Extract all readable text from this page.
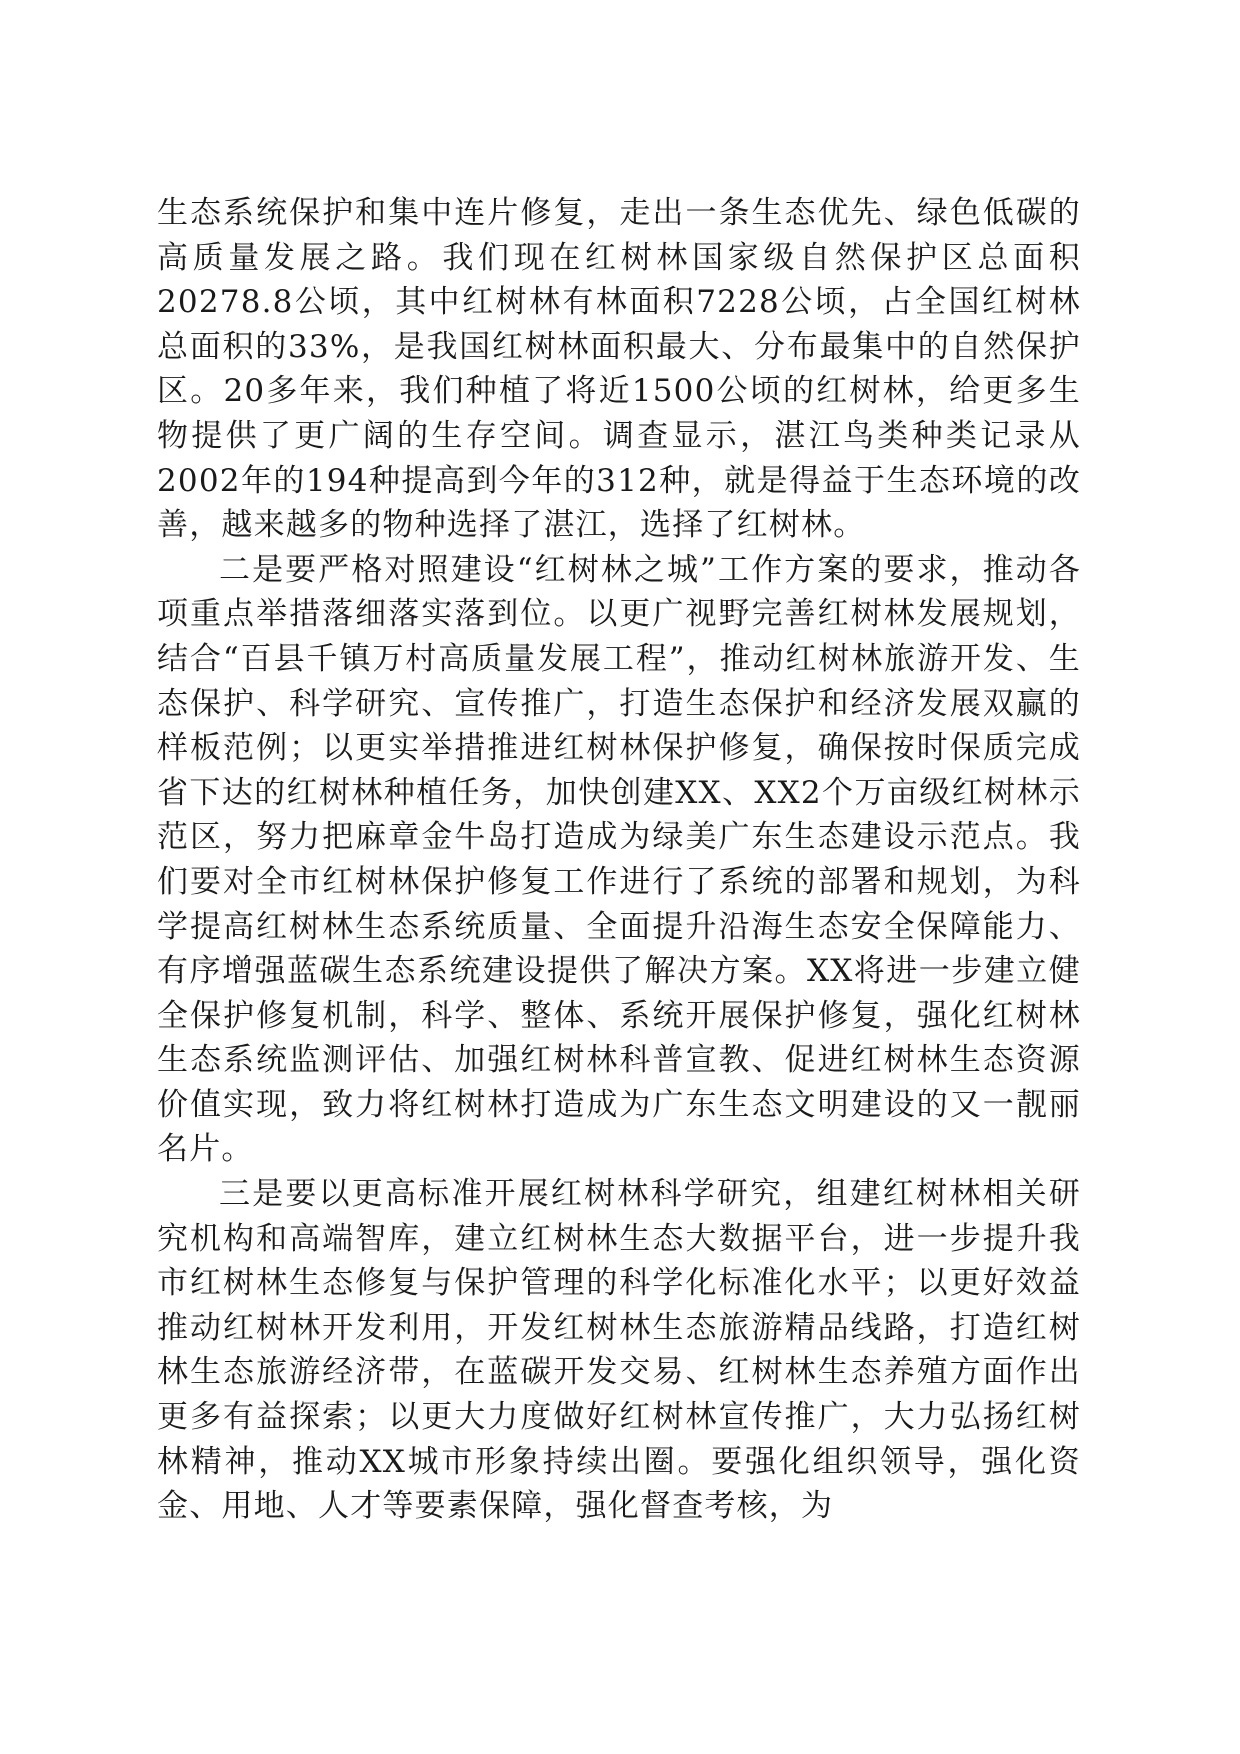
生态系统保护和集中连片修复，走出一条生态优先、绿色低碳的高质量发展之路。我们现在红树林国家级自然保护区总面积20278.8公顷，其中红树林有林面积7228公顷，占全国红树林总面积的33%，是我国红树林面积最大、分布最集中的自然保护区。20多年来，我们种植了将近1500公顷的红树林，给更多生物提供了更广阔的生存空间。调查显示，湛江鸟类种类记录从2002年的194种提高到今年的312种，就是得益于生态环境的改善，越来越多的物种选择了湛江，选择了红树林。

二是要严格对照建设“红树林之城”工作方案的要求，推动各项重点举措落细落实落到位。以更广视野完善红树林发展规划，结合“百县千镇万村高质量发展工程”，推动红树林旅游开发、生态保护、科学研究、宣传推广，打造生态保护和经济发展双赢的样板范例；以更实举措推进红树林保护修复，确保按时保质完成省下达的红树林种植任务，加快创建XX、XX2个万亩级红树林示范区，努力把麻章金牛岛打造成为绿美广东生态建设示范点。我们要对全市红树林保护修复工作进行了系统的部署和规划，为科学提高红树林生态系统质量、全面提升沿海生态安全保障能力、有序增强蓝碳生态系统建设提供了解决方案。XX将进一步建立健全保护修复机制，科学、整体、系统开展保护修复，强化红树林生态系统监测评估、加强红树林科普宣教、促进红树林生态资源价值实现，致力将红树林打造成为广东生态文明建设的又一靓丽名片。

三是要以更高标准开展红树林科学研究，组建红树林相关研究机构和高端智库，建立红树林生态大数据平台，进一步提升我市红树林生态修复与保护管理的科学化标准化水平；以更好效益推动红树林开发利用，开发红树林生态旅游精品线路，打造红树林生态旅游经济带，在蓝碳开发交易、红树林生态养殖方面作出更多有益探索；以更大力度做好红树林宣传推广，大力弘扬红树林精神，推动XX城市形象持续出圈。要强化组织领导，强化资金、用地、人才等要素保障，强化督查考核，为
